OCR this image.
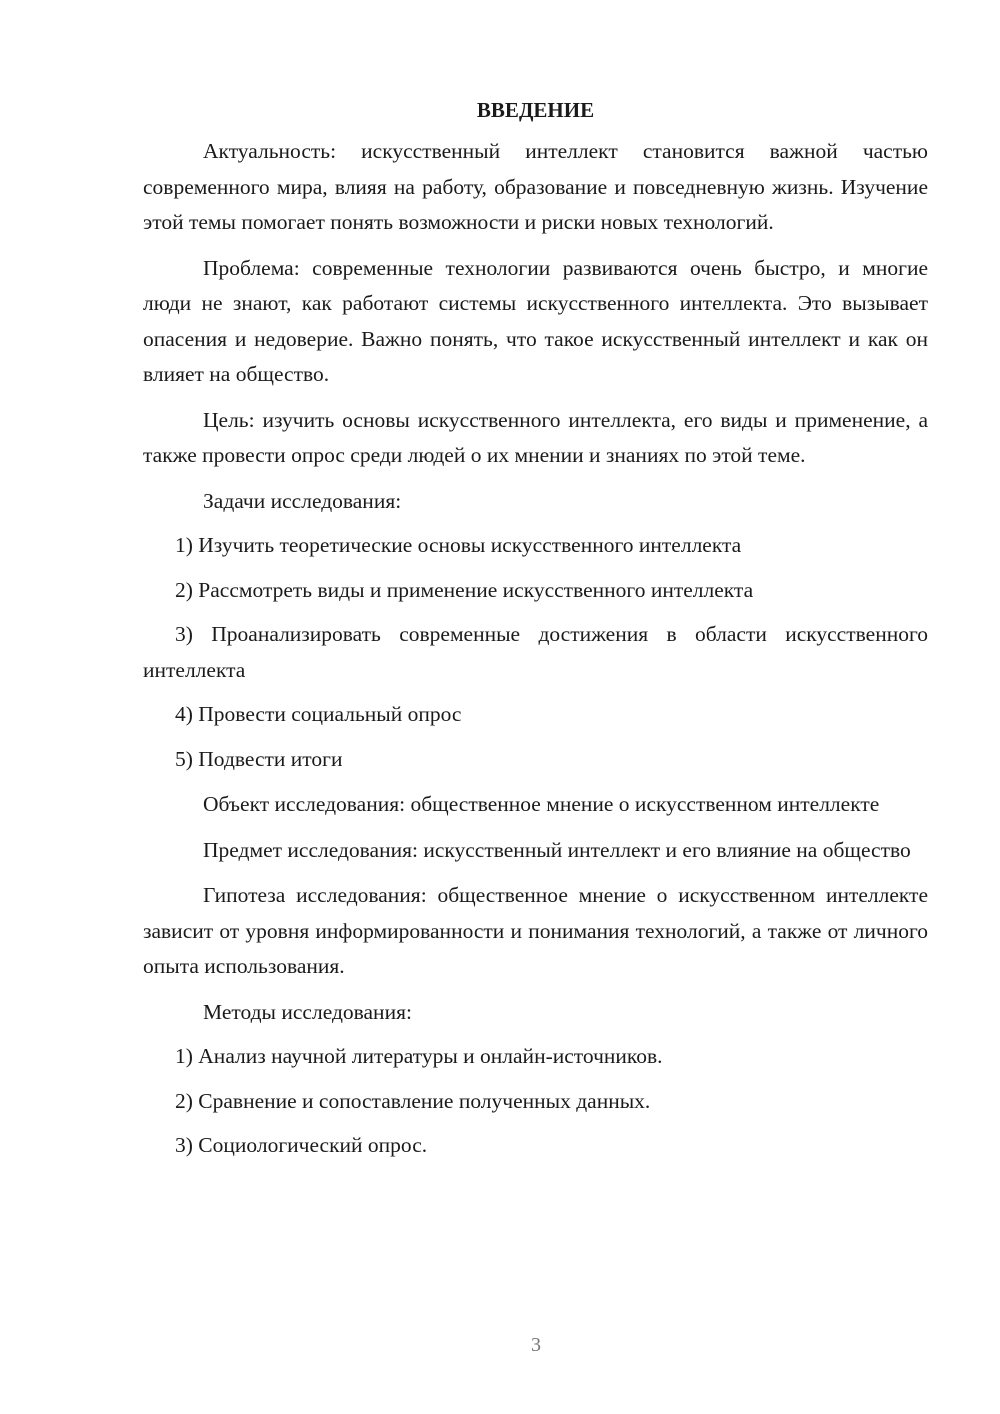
ВВЕДЕНИЕ

Актуальность: искусственный интеллект становится важной частью современного мира, влияя на работу, образование и повседневную жизнь. Изучение этой темы помогает понять возможности и риски новых технологий.

Проблема: современные технологии развиваются очень быстро, и многие люди не знают, как работают системы искусственного интеллекта. Это вызывает опасения и недоверие. Важно понять, что такое искусственный интеллект и как он влияет на общество.

Цель: изучить основы искусственного интеллекта, его виды и применение, а также провести опрос среди людей о их мнении и знаниях по этой теме.

Задачи исследования:

1) Изучить теоретические основы искусственного интеллекта

2) Рассмотреть виды и применение искусственного интеллекта

3) Проанализировать современные достижения в области искусственного интеллекта

4) Провести социальный опрос

5) Подвести итоги

Объект исследования: общественное мнение о искусственном интеллекте

Предмет исследования: искусственный интеллект и его влияние на общество

Гипотеза исследования: общественное мнение о искусственном интеллекте зависит от уровня информированности и понимания технологий, а также от личного опыта использования.

Методы исследования:

1) Анализ научной литературы и онлайн-источников.

2) Сравнение и сопоставление полученных данных.

3) Социологический опрос.

3
